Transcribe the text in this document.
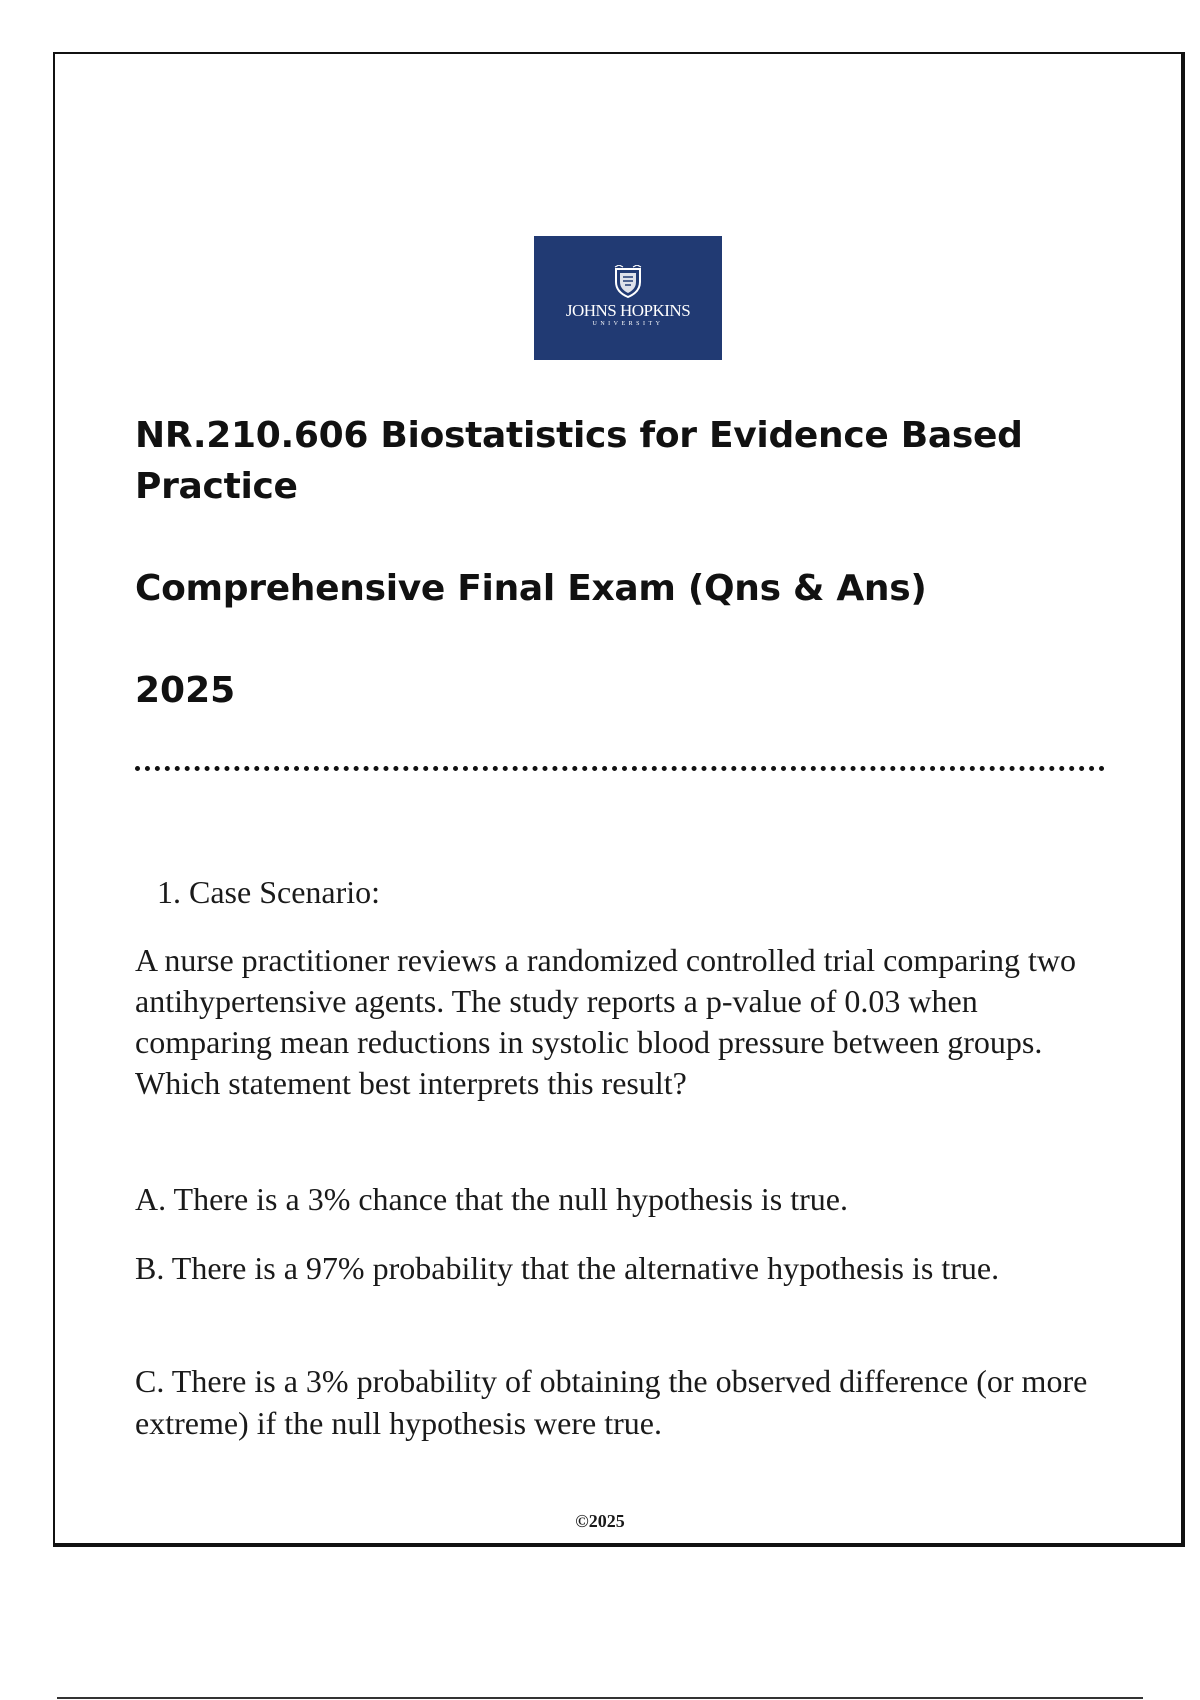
JOHNS HOPKINS
UNIVERSITY
NR.210.606 Biostatistics for Evidence Based Practice
Comprehensive Final Exam (Qns & Ans)
2025
1. Case Scenario:

A nurse practitioner reviews a randomized controlled trial comparing two antihypertensive agents. The study reports a p-value of 0.03 when comparing mean reductions in systolic blood pressure between groups. Which statement best interprets this result?

A. There is a 3% chance that the null hypothesis is true.

B. There is a 97% probability that the alternative hypothesis is true.

C. There is a 3% probability of obtaining the observed difference (or more extreme) if the null hypothesis were true.

©2025
